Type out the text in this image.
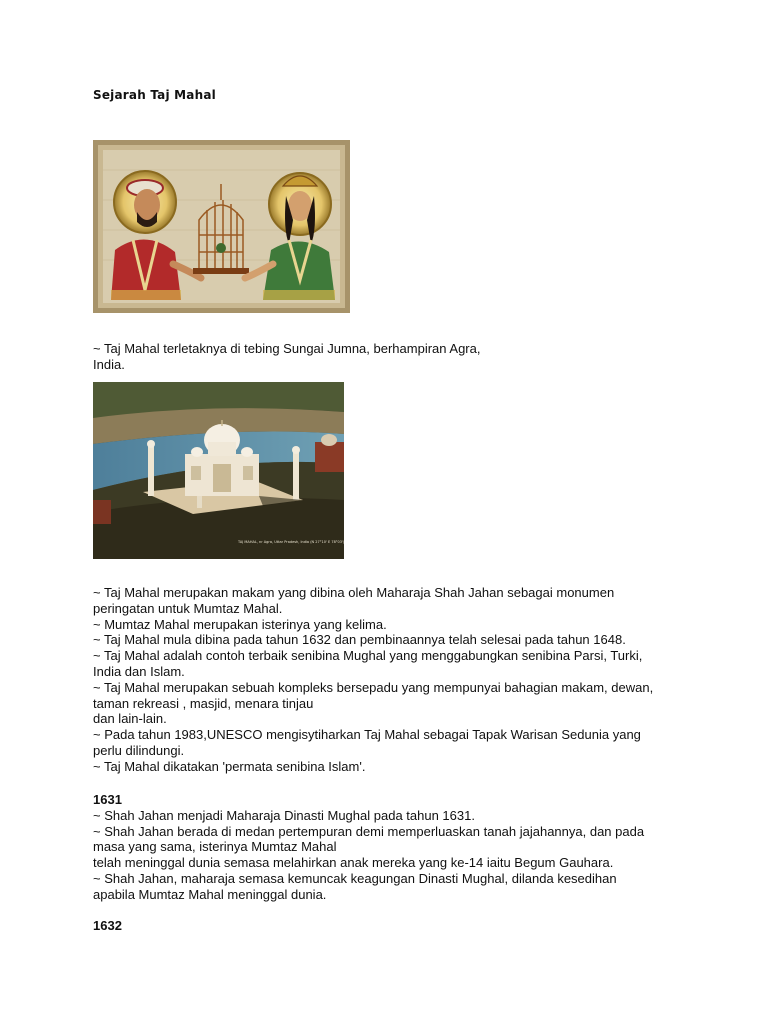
Sejarah Taj Mahal

~ Taj Mahal terletaknya di tebing Sungai Jumna, berhampiran Agra,

India.

TAJ MAHAL, nr Agra, Uttar Pradesh, India (N 27°10' E 78°03')

~ Taj Mahal merupakan makam yang dibina oleh Maharaja Shah Jahan sebagai monumen

peringatan untuk Mumtaz Mahal.

~ Mumtaz Mahal merupakan isterinya yang kelima.

~ Taj Mahal mula dibina pada tahun 1632 dan pembinaannya telah selesai pada tahun 1648.

~ Taj Mahal adalah contoh terbaik senibina Mughal yang menggabungkan senibina Parsi, Turki,

India dan Islam.

~ Taj Mahal merupakan sebuah kompleks bersepadu yang mempunyai bahagian makam, dewan,

taman rekreasi , masjid, menara tinjau

dan lain-lain.

~ Pada tahun 1983,UNESCO mengisytiharkan Taj Mahal sebagai Tapak Warisan Sedunia yang

perlu dilindungi.

~ Taj Mahal dikatakan 'permata senibina Islam'.

1631

~ Shah Jahan menjadi Maharaja Dinasti Mughal pada tahun 1631.

~ Shah Jahan berada di medan pertempuran demi memperluaskan tanah jajahannya, dan pada

masa yang sama, isterinya Mumtaz Mahal

telah meninggal dunia semasa melahirkan anak mereka yang ke-14 iaitu Begum Gauhara.

~ Shah Jahan, maharaja semasa kemuncak keagungan Dinasti Mughal, dilanda kesedihan

apabila Mumtaz Mahal meninggal dunia.

1632
